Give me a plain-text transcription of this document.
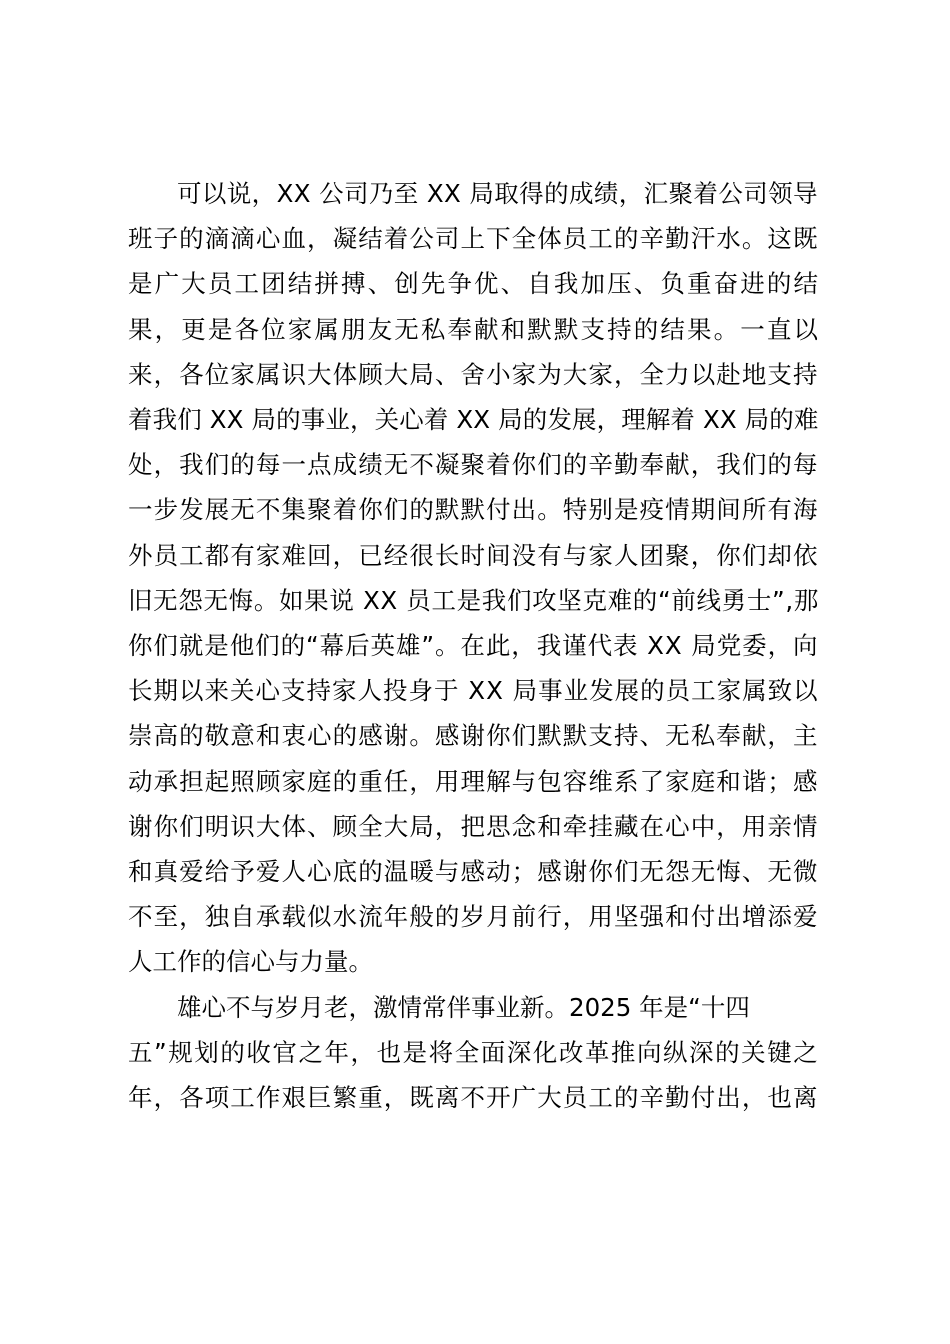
可以说，XX 公司乃至 XX 局取得的成绩，汇聚着公司领导
班子的滴滴心血，凝结着公司上下全体员工的辛勤汗水。这既
是广大员工团结拼搏、创先争优、自我加压、负重奋进的结
果，更是各位家属朋友无私奉献和默默支持的结果。一直以
来，各位家属识大体顾大局、舍小家为大家，全力以赴地支持
着我们 XX 局的事业，关心着 XX 局的发展，理解着 XX 局的难
处，我们的每一点成绩无不凝聚着你们的辛勤奉献，我们的每
一步发展无不集聚着你们的默默付出。特别是疫情期间所有海
外员工都有家难回，已经很长时间没有与家人团聚，你们却依
旧无怨无悔。如果说 XX 员工是我们攻坚克难的“前线勇士”,那
你们就是他们的“幕后英雄”。在此，我谨代表 XX 局党委，向
长期以来关心支持家人投身于 XX 局事业发展的员工家属致以
崇高的敬意和衷心的感谢。感谢你们默默支持、无私奉献，主
动承担起照顾家庭的重任，用理解与包容维系了家庭和谐；感
谢你们明识大体、顾全大局，把思念和牵挂藏在心中，用亲情
和真爱给予爱人心底的温暖与感动；感谢你们无怨无悔、无微
不至，独自承载似水流年般的岁月前行，用坚强和付出增添爱
人工作的信心与力量。
雄心不与岁月老，激情常伴事业新。2025 年是“十四
五”规划的收官之年，也是将全面深化改革推向纵深的关键之
年，各项工作艰巨繁重，既离不开广大员工的辛勤付出，也离
